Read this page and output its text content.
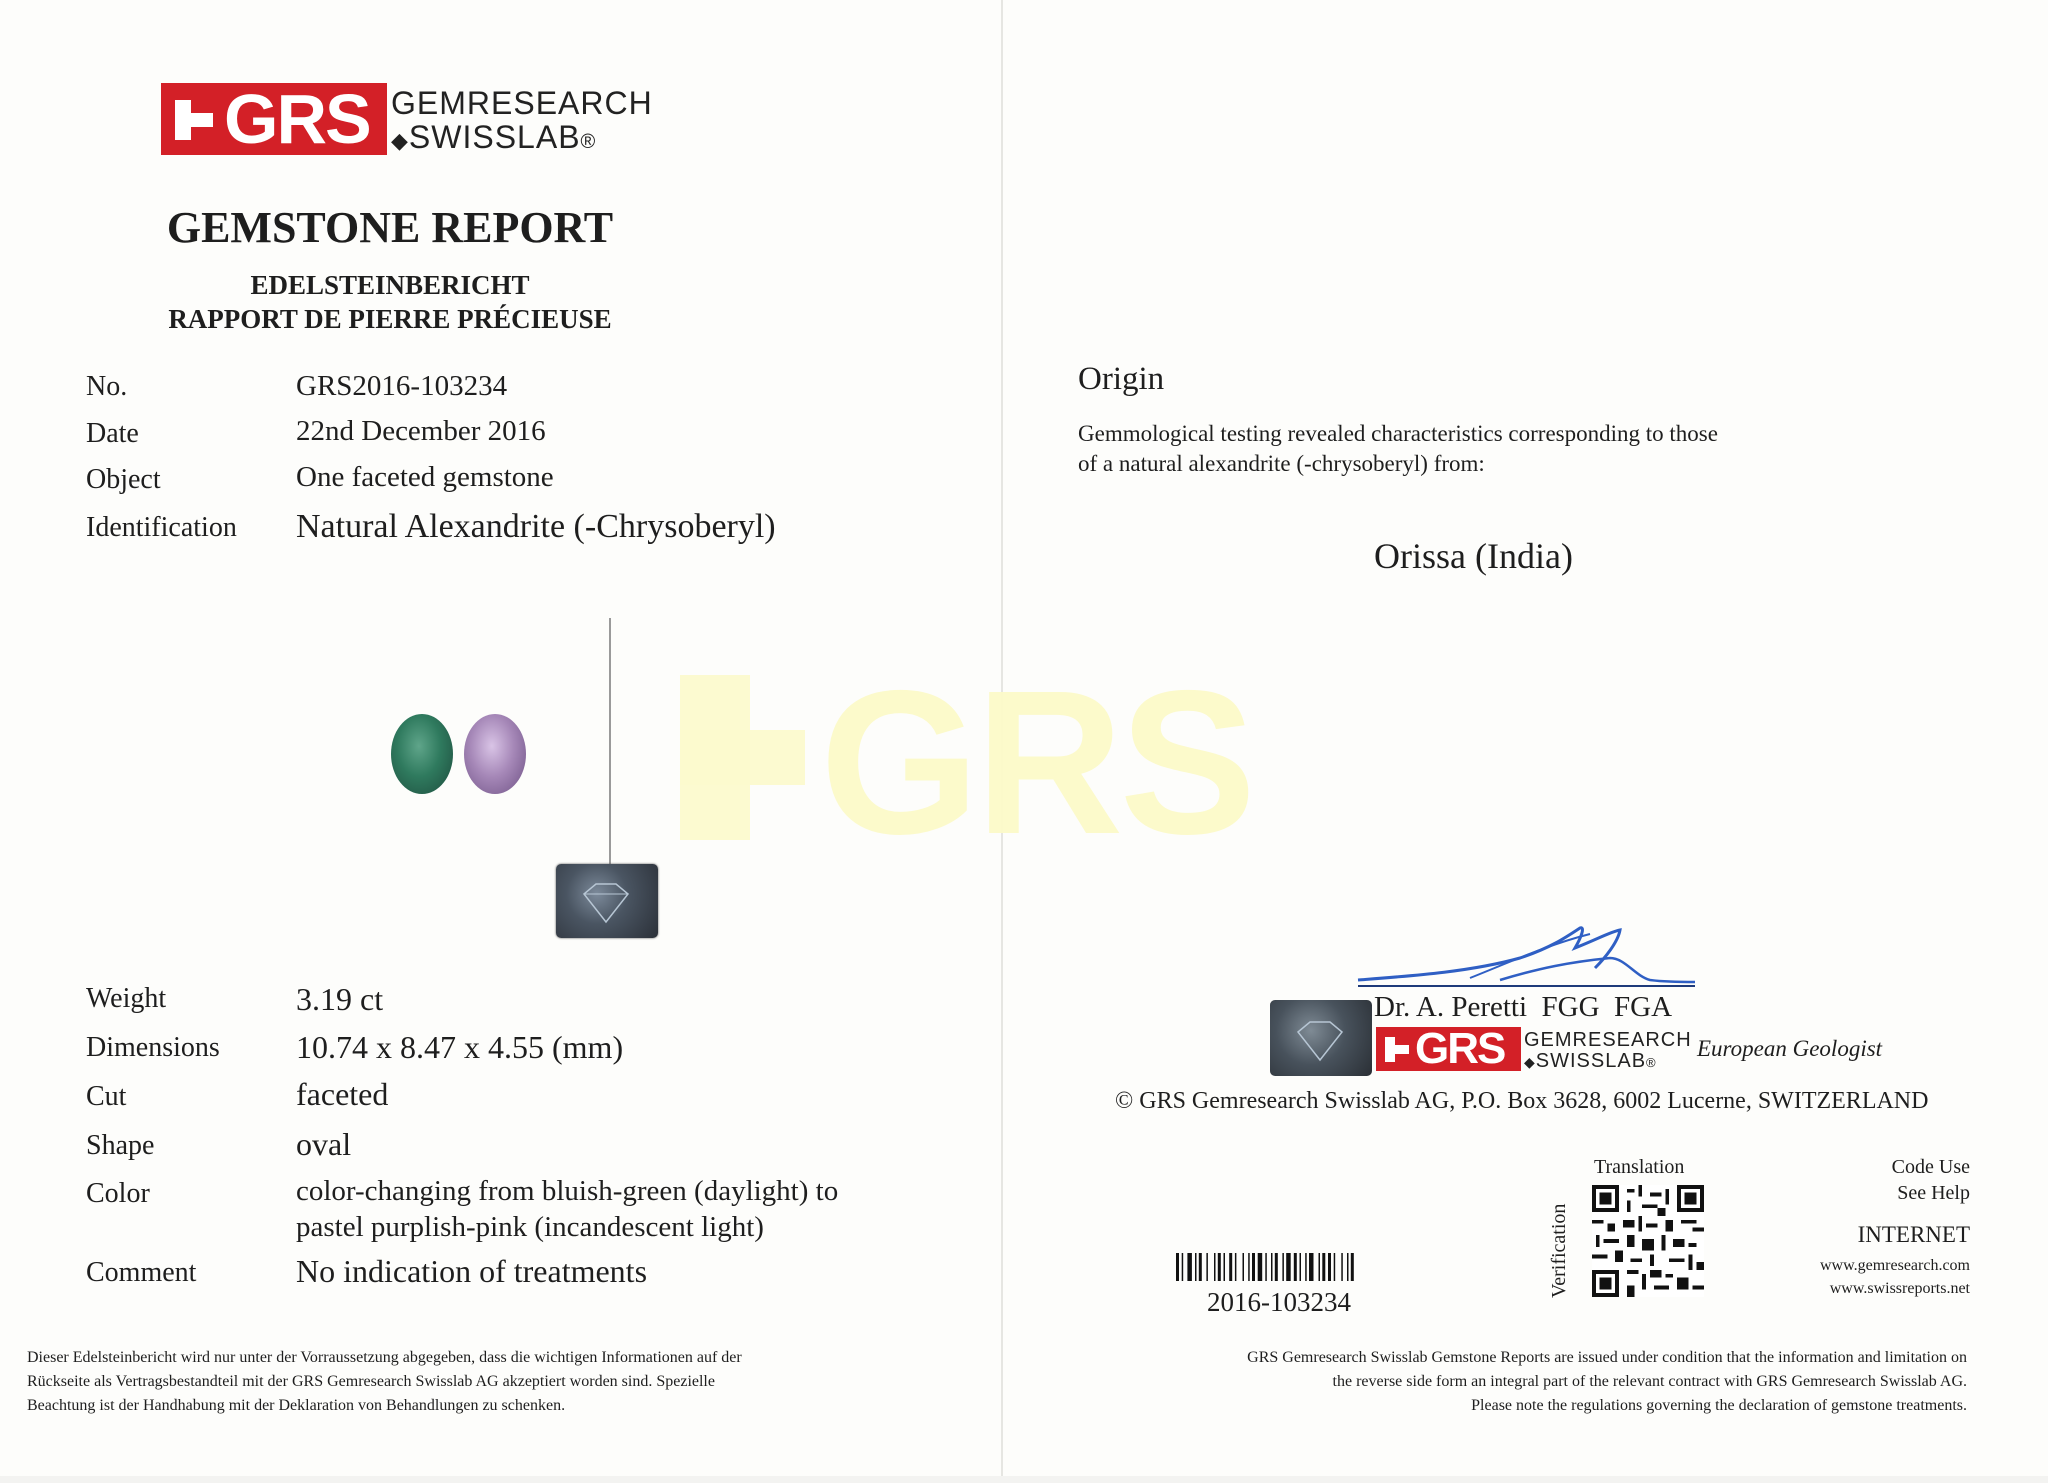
GRS
GRS GEMRESEARCH
◆SWISSLAB®
GEMSTONE REPORT
EDELSTEINBERICHT
RAPPORT DE PIERRE PRÉCIEUSE
No.	GRS2016-103234
Date	22nd December 2016
Object	One faceted gemstone
Identification Natural Alexandrite (-Chrysoberyl)
Weight	3.19 ct
Dimensions 10.74 x 8.47 x 4.55 (mm)
Cut	faceted
Shape	oval
Color	color-changing from bluish-green (daylight) to
pastel purplish-pink (incandescent light)
Comment	No indication of treatments
Dieser Edelsteinbericht wird nur unter der Vorraussetzung abgegeben, dass die wichtigen Informationen auf der
Rückseite als Vertragsbestandteil mit der GRS Gemresearch Swisslab AG akzeptiert worden sind. Spezielle
Beachtung ist der Handhabung mit der Deklaration von Behandlungen zu schenken.
Origin
Gemmological testing revealed characteristics corresponding to those
of a natural alexandrite (-chrysoberyl) from:
Orissa (India)
Dr. A. Peretti  FGG  FGA
GRS GEMRESEARCH
◆SWISSLAB®
European Geologist
© GRS Gemresearch Swisslab AG, P.O. Box 3628, 6002 Lucerne, SWITZERLAND
Translation
Verification
Code Use
See Help
INTERNET
www.gemresearch.com
www.swissreports.net
2016-103234
GRS Gemresearch Swisslab Gemstone Reports are issued under condition that the information and limitation on
the reverse side form an integral part of the relevant contract with GRS Gemresearch Swisslab AG.
Please note the regulations governing the declaration of gemstone treatments.
